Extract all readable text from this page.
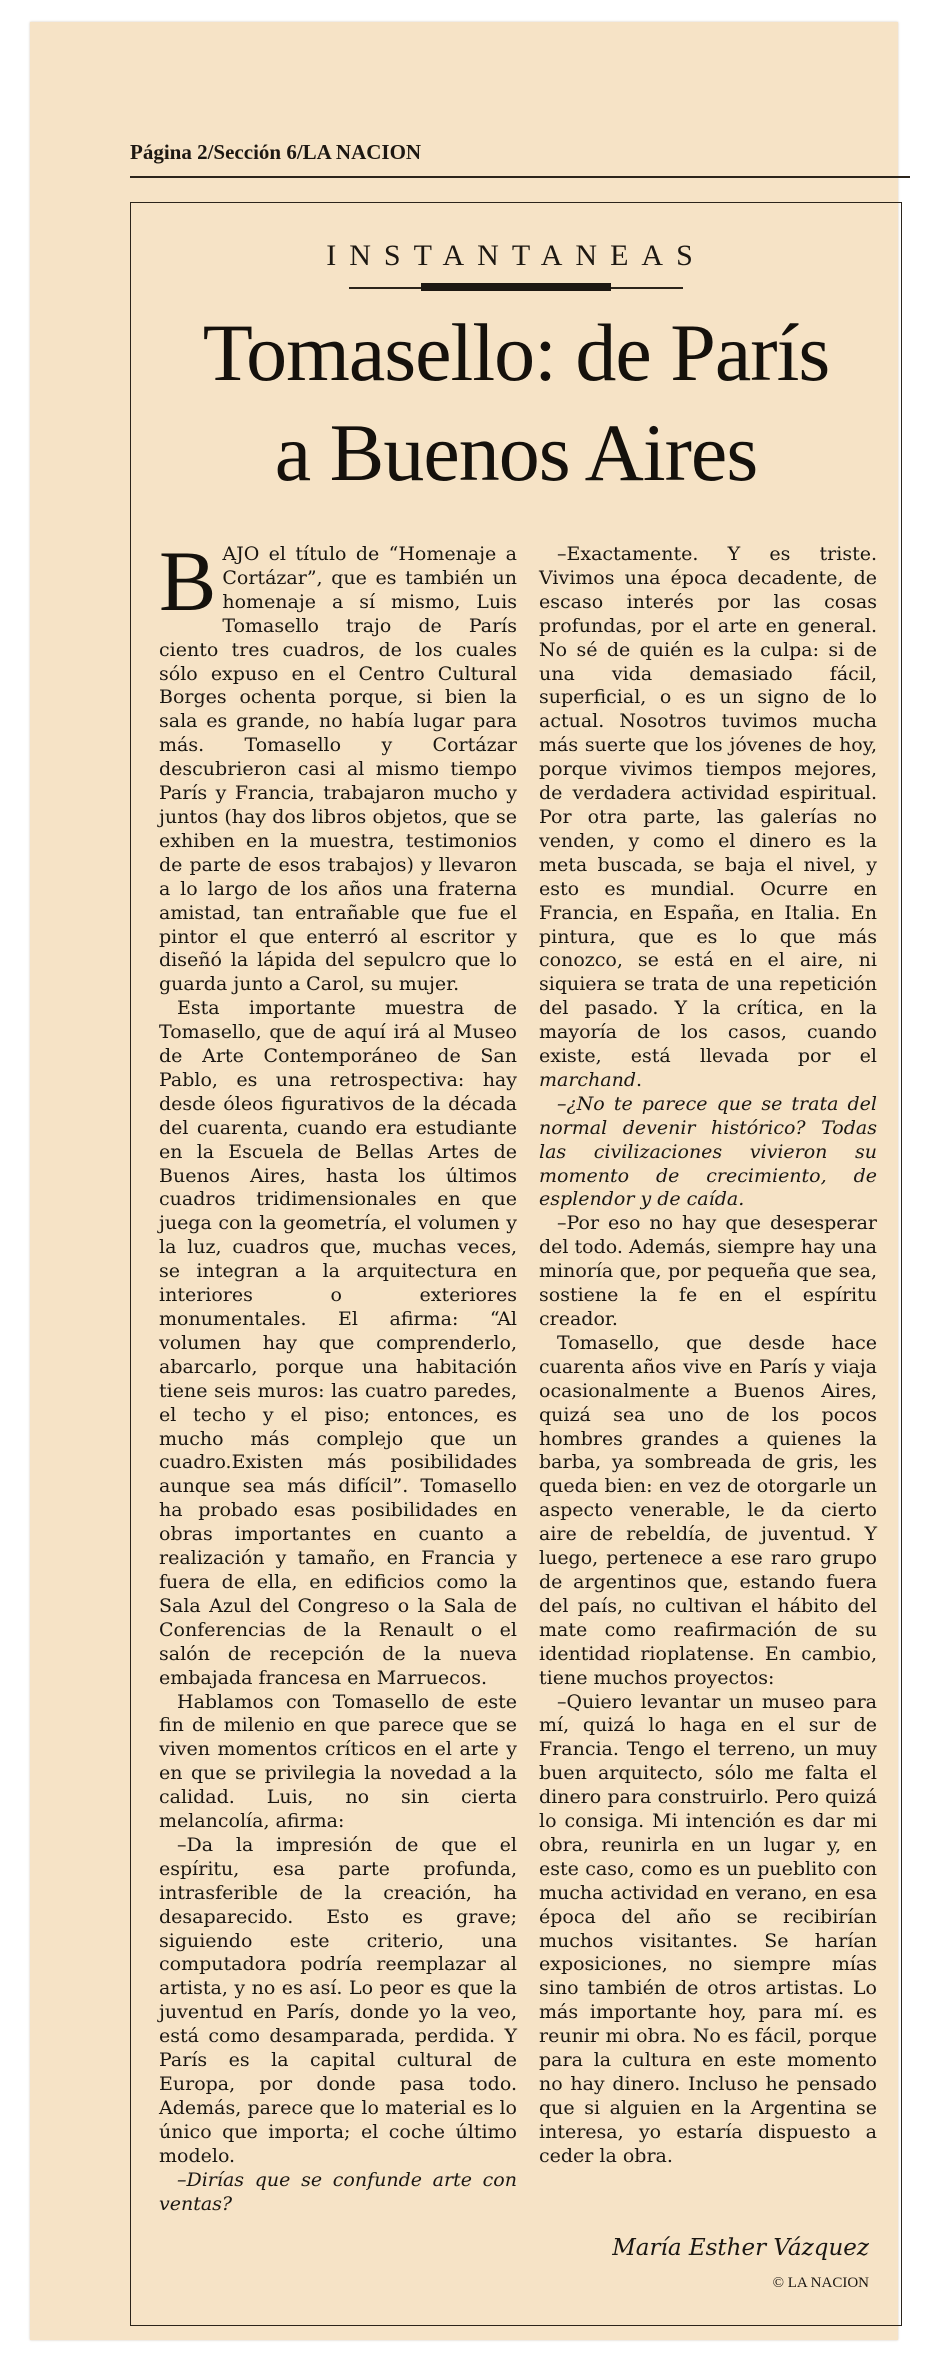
Página 2/Sección 6/LA NACION
INSTANTANEAS
Tomasello: de París
a Buenos Aires

BAJO el título de “Homenaje a Cortázar”, que es también un homenaje a sí mismo, Luis Tomasello trajo de París ciento tres cuadros, de los cuales sólo expuso en el Centro Cultural Borges ochenta porque, si bien la sala es grande, no había lugar para más. Tomasello y Cortázar descubrieron casi al mismo tiempo París y Francia, trabajaron mucho y juntos (hay dos libros objetos, que se exhiben en la muestra, testimonios de parte de esos trabajos) y llevaron a lo largo de los años una fraterna amistad, tan entrañable que fue el pintor el que enterró al escritor y diseñó la lápida del sepulcro que lo guarda junto a Carol, su mujer.

Esta importante muestra de Tomasello, que de aquí irá al Museo de Arte Contemporáneo de San Pablo, es una retrospectiva: hay desde óleos figurativos de la década del cuarenta, cuando era estudiante en la Escuela de Bellas Artes de Buenos Aires, hasta los últimos cuadros tridimensionales en que juega con la geometría, el volumen y la luz, cuadros que, muchas veces, se integran a la arquitectura en interiores o exteriores monumentales. El afirma: “Al volumen hay que comprenderlo, abarcarlo, porque una habitación tiene seis muros: las cuatro paredes, el techo y el piso; entonces, es mucho más complejo que un cuadro.Existen más posibilidades aunque sea más difícil”. Tomasello ha probado esas posibilidades en obras importantes en cuanto a realización y tamaño, en Francia y fuera de ella, en edificios como la Sala Azul del Congreso o la Sala de Conferencias de la Renault o el salón de recepción de la nueva embajada francesa en Marruecos.

Hablamos con Tomasello de este fin de milenio en que parece que se viven momentos críticos en el arte y en que se privilegia la novedad a la calidad. Luis, no sin cierta melancolía, afirma:

–Da la impresión de que el espíritu, esa parte profunda, intrasferible de la creación, ha desaparecido. Esto es grave; siguiendo este criterio, una computadora podría reemplazar al artista, y no es así. Lo peor es que la juventud en París, donde yo la veo, está como desamparada, perdida. Y París es la capital cultural de Europa, por donde pasa todo. Además, parece que lo material es lo único que importa; el coche último modelo.

–Dirías que se confunde arte con ventas?

–Exactamente. Y es triste. Vivimos una época decadente, de escaso interés por las cosas profundas, por el arte en general. No sé de quién es la culpa: si de una vida demasiado fácil, superficial, o es un signo de lo actual. Nosotros tuvimos mucha más suerte que los jóvenes de hoy, porque vivimos tiempos mejores, de verdadera actividad espiritual. Por otra parte, las galerías no venden, y como el dinero es la meta buscada, se baja el nivel, y esto es mundial. Ocurre en Francia, en España, en Italia. En pintura, que es lo que más conozco, se está en el aire, ni siquiera se trata de una repetición del pasado. Y la crítica, en la mayoría de los casos, cuando existe, está llevada por el marchand.

–¿No te parece que se trata del normal devenir histórico? Todas las civilizaciones vivieron su momento de crecimiento, de esplendor y de caída.

–Por eso no hay que desesperar del todo. Además, siempre hay una minoría que, por pequeña que sea, sostiene la fe en el espíritu creador.

Tomasello, que desde hace cuarenta años vive en París y viaja ocasionalmente a Buenos Aires, quizá sea uno de los pocos hombres grandes a quienes la barba, ya sombreada de gris, les queda bien: en vez de otorgarle un aspecto venerable, le da cierto aire de rebeldía, de juventud. Y luego, pertenece a ese raro grupo de argentinos que, estando fuera del país, no cultivan el hábito del mate como reafirmación de su identidad rioplatense. En cambio, tiene muchos proyectos:

–Quiero levantar un museo para mí, quizá lo haga en el sur de Francia. Tengo el terreno, un muy buen arquitecto, sólo me falta el dinero para construirlo. Pero quizá lo consiga. Mi intención es dar mi obra, reunirla en un lugar y, en este caso, como es un pueblito con mucha actividad en verano, en esa época del año se recibirían muchos visitantes. Se harían exposiciones, no siempre mías sino también de otros artistas. Lo más importante hoy, para mí. es reunir mi obra. No es fácil, porque para la cultura en este momento no hay dinero. Incluso he pensado que si alguien en la Argentina se interesa, yo estaría dispuesto a ceder la obra.

María Esther Vázquez
© LA NACION
